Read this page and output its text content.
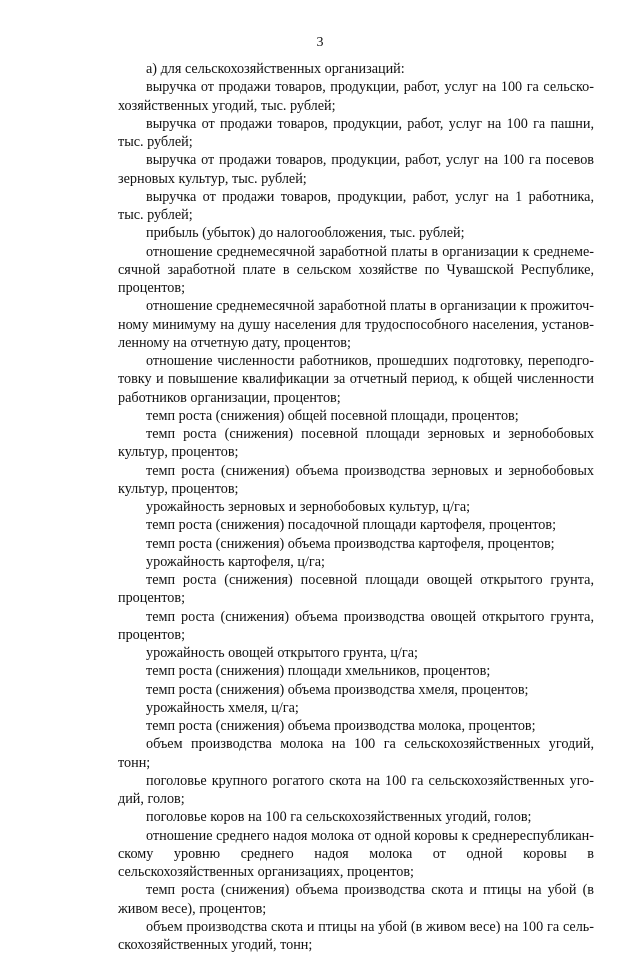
3

а) для сельскохозяйственных организаций:

выручка от продажи товаров, продукции, работ, услуг на 100 га сельскохозяйственных угодий, тыс. рублей;

выручка от продажи товаров, продукции, работ, услуг на 100 га пашни, тыс. рублей;

выручка от продажи товаров, продукции, работ, услуг на 100 га посевов зерновых культур, тыс. рублей;

выручка от продажи товаров, продукции, работ, услуг на 1 работника, тыс. рублей;

прибыль (убыток) до налогообложения, тыс. рублей;

отношение среднемесячной заработной платы в организации к среднемесячной заработной плате в сельском хозяйстве по Чувашской Республике, процентов;

отношение среднемесячной заработной платы в организации к прожиточному минимуму на душу населения для трудоспособного населения, установленному на отчетную дату, процентов;

отношение численности работников, прошедших подготовку, переподготовку и повышение квалификации за отчетный период, к общей численности работников организации, процентов;

темп роста (снижения) общей посевной площади, процентов;

темп роста (снижения) посевной площади зерновых и зернобобовых культур, процентов;

темп роста (снижения) объема производства зерновых и зернобобовых культур, процентов;

урожайность зерновых и зернобобовых культур, ц/га;

темп роста (снижения) посадочной площади картофеля, процентов;

темп роста (снижения) объема производства картофеля, процентов;

урожайность картофеля, ц/га;

темп роста (снижения) посевной площади овощей открытого грунта, процентов;

темп роста (снижения) объема производства овощей открытого грунта, процентов;

урожайность овощей открытого грунта, ц/га;

темп роста (снижения) площади хмельников, процентов;

темп роста (снижения) объема производства хмеля, процентов;

урожайность хмеля, ц/га;

темп роста (снижения) объема производства молока, процентов;

объем производства молока на 100 га сельскохозяйственных угодий, тонн;

поголовье крупного рогатого скота на 100 га сельскохозяйственных угодий, голов;

поголовье коров на 100 га сельскохозяйственных угодий, голов;

отношение среднего надоя молока от одной коровы к среднереспубликанскому уровню среднего надоя молока от одной коровы в сельскохозяйственных организациях, процентов;

темп роста (снижения) объема производства скота и птицы на убой (в живом весе), процентов;

объем производства скота и птицы на убой (в живом весе) на 100 га сельскохозяйственных угодий, тонн;
